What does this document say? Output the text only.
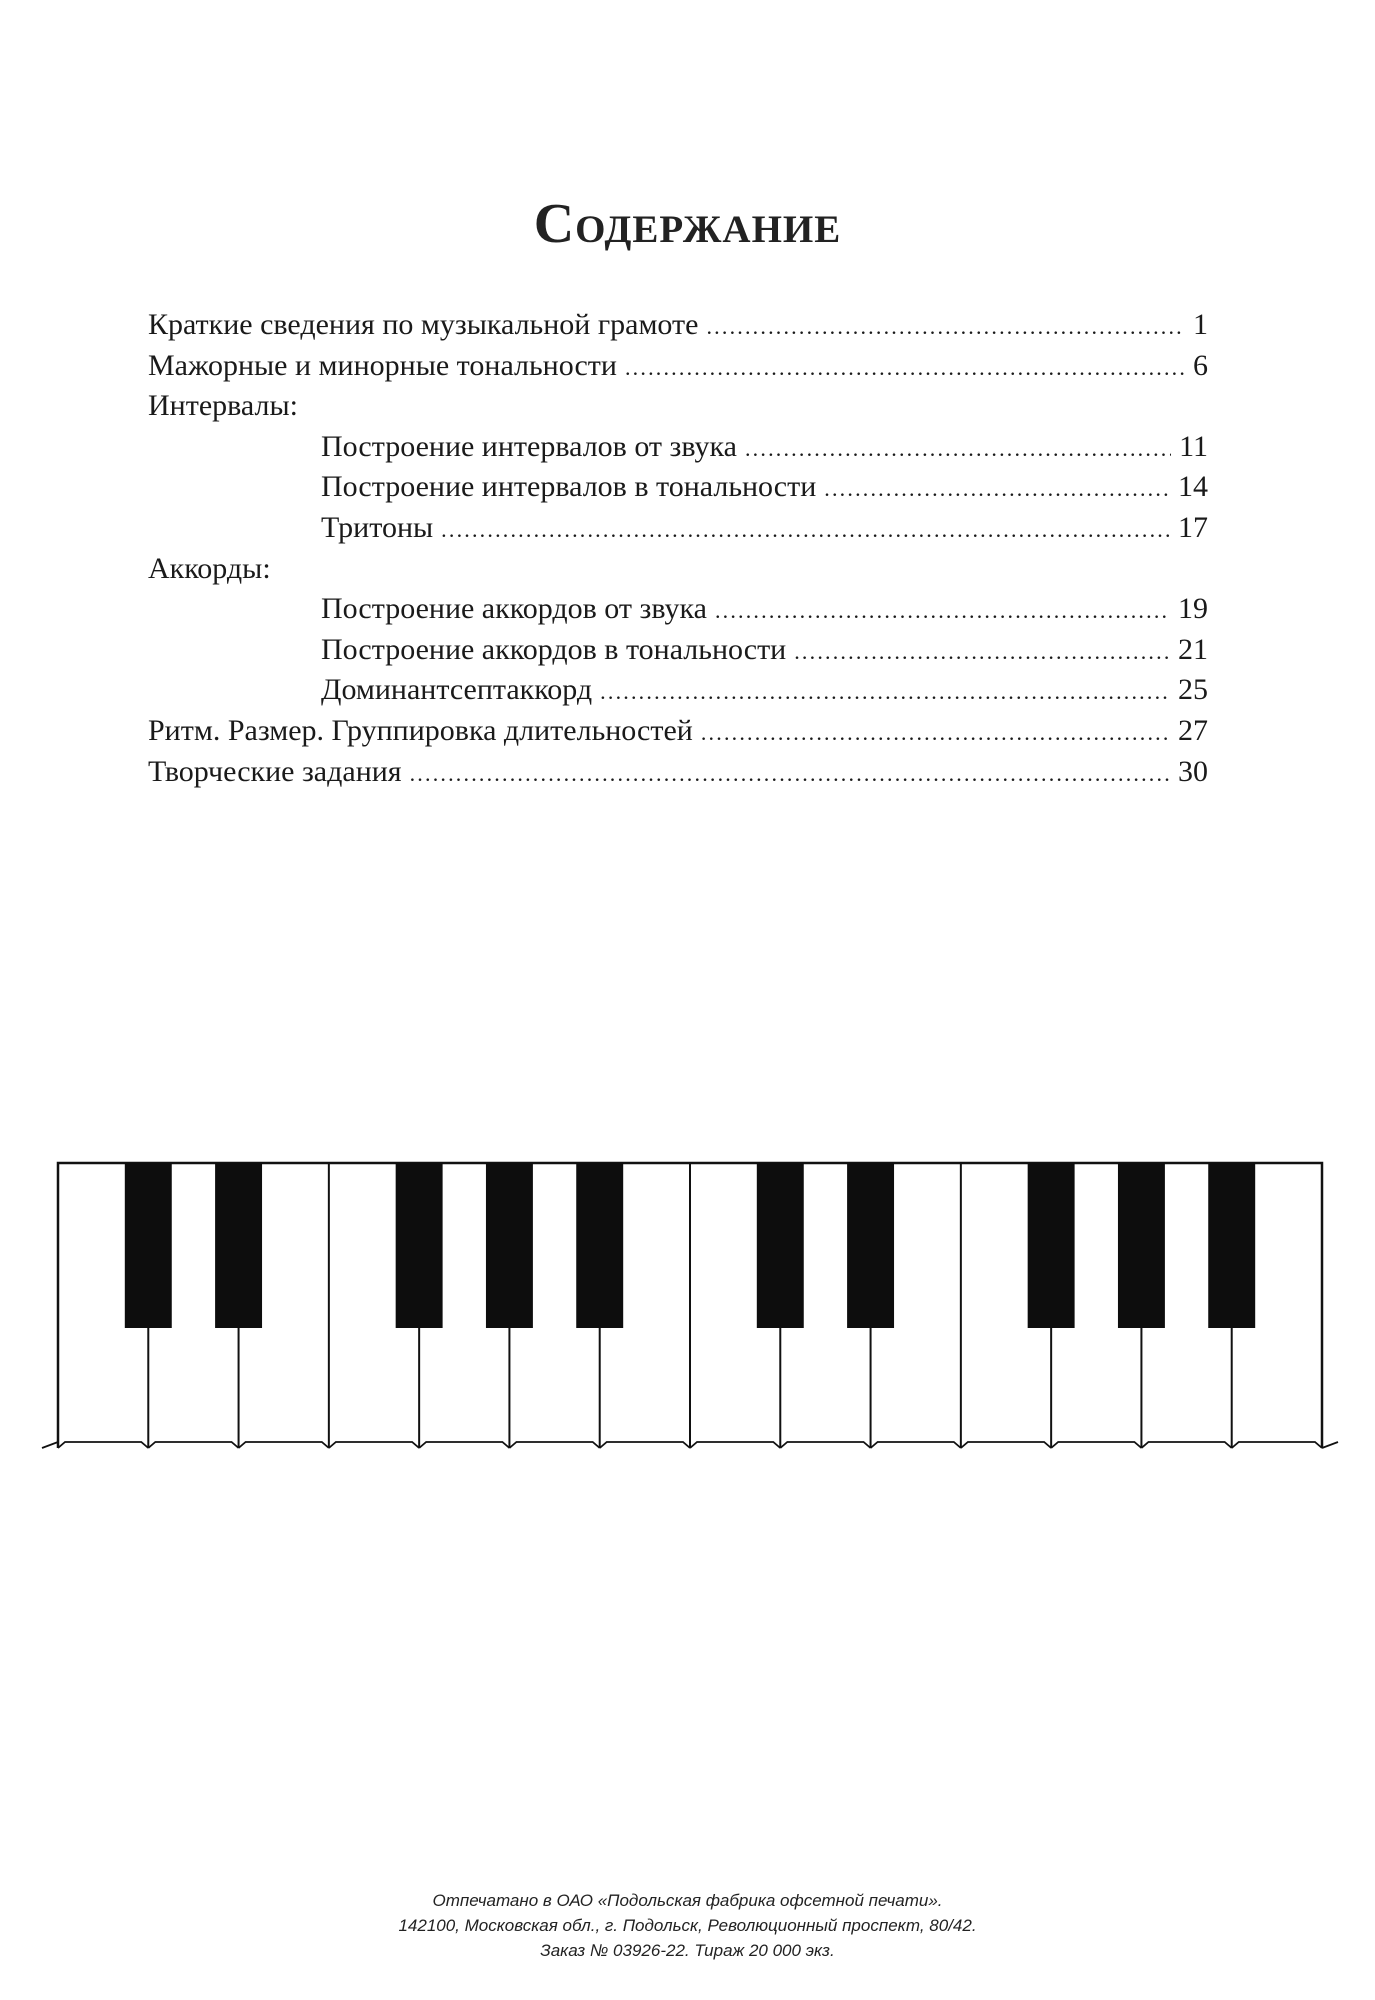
Содержание
Краткие сведения по музыкальной грамоте .....	1
Мажорные и минорные тональности .....	6
Интервалы:
Построение интервалов от звука .....	11
Построение интервалов в тональности .....	14
Тритоны .....	17
Аккорды:
Построение аккордов от звука .....	19
Построение аккордов в тональности .....	21
Доминантсептаккорд .....	25
Ритм. Размер. Группировка длительностей .....	27
Творческие задания .....	30
Отпечатано в ОАО «Подольская фабрика офсетной печати».
142100, Московская обл., г. Подольск, Революционный проспект, 80/42.
Заказ № 03926-22. Тираж 20 000 экз.
